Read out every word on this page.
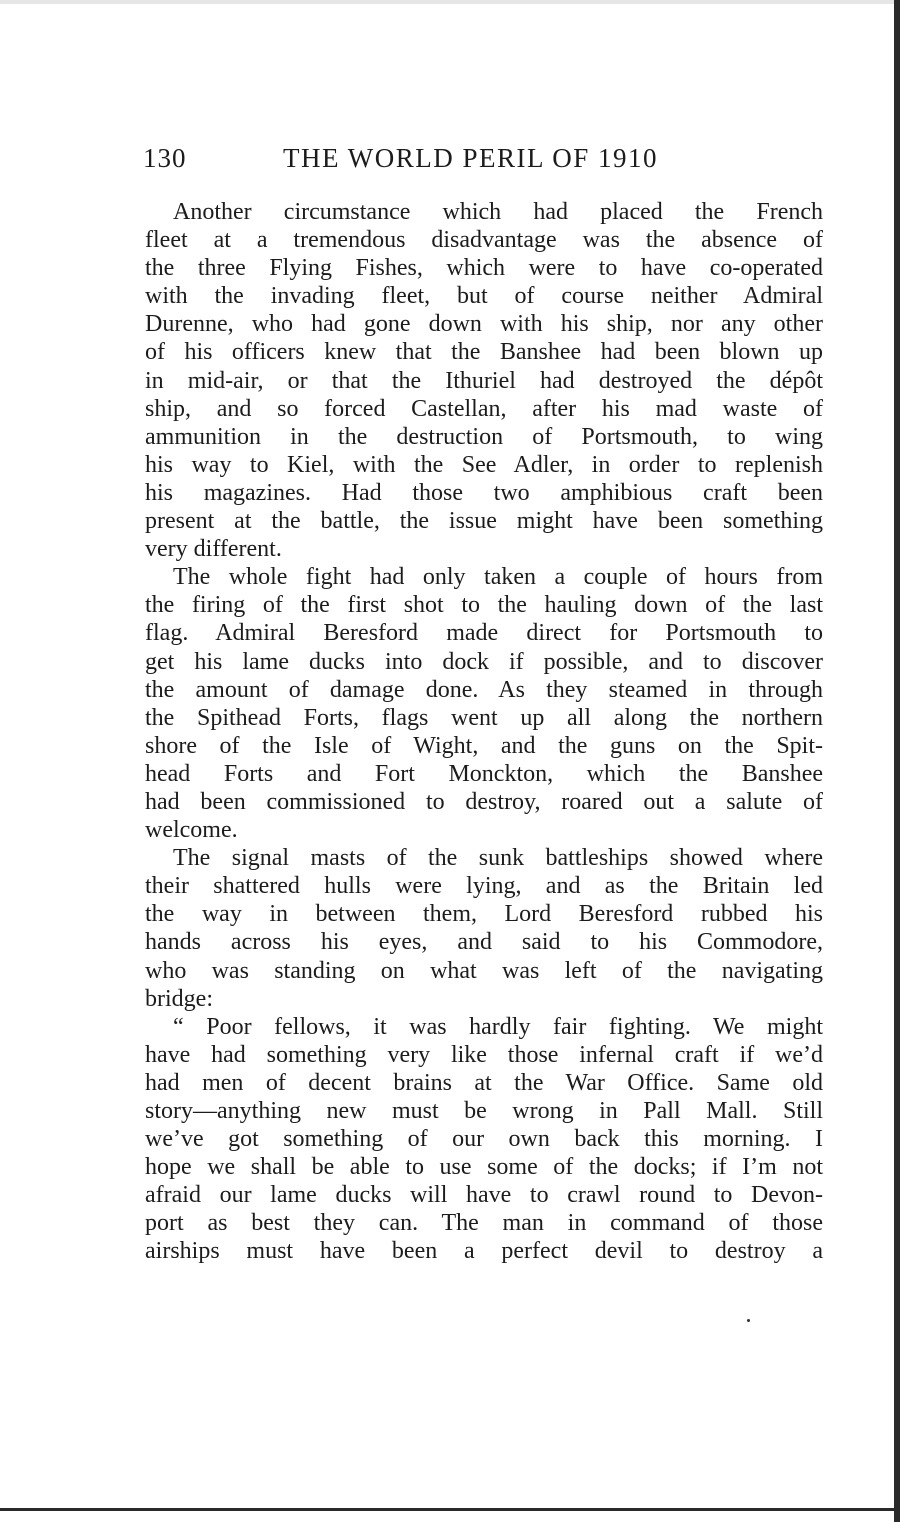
130	THE WORLD PERIL OF 1910
Another circumstance which had placed the French
fleet at a tremendous disadvantage was the absence of
the three Flying Fishes, which were to have co-operated
with the invading fleet, but of course neither Admiral
Durenne, who had gone down with his ship, nor any other
of his officers knew that the Banshee had been blown up
in mid-air, or that the Ithuriel had destroyed the dépôt
ship, and so forced Castellan, after his mad waste of
ammunition in the destruction of Portsmouth, to wing
his way to Kiel, with the See Adler, in order to replenish
his magazines. Had those two amphibious craft been
present at the battle, the issue might have been something
very different.
The whole fight had only taken a couple of hours from
the firing of the first shot to the hauling down of the last
flag. Admiral Beresford made direct for Portsmouth to
get his lame ducks into dock if possible, and to discover
the amount of damage done. As they steamed in through
the Spithead Forts, flags went up all along the northern
shore of the Isle of Wight, and the guns on the Spit-
head Forts and Fort Monckton, which the Banshee
had been commissioned to destroy, roared out a salute of
welcome.
The signal masts of the sunk battleships showed where
their shattered hulls were lying, and as the Britain led
the way in between them, Lord Beresford rubbed his
hands across his eyes, and said to his Commodore,
who was standing on what was left of the navigating
bridge:
“ Poor fellows, it was hardly fair fighting. We might
have had something very like those infernal craft if we’d
had men of decent brains at the War Office. Same old
story—anything new must be wrong in Pall Mall. Still
we’ve got something of our own back this morning. I
hope we shall be able to use some of the docks; if I’m not
afraid our lame ducks will have to crawl round to Devon-
port as best they can. The man in command of those
airships must have been a perfect devil to destroy a
